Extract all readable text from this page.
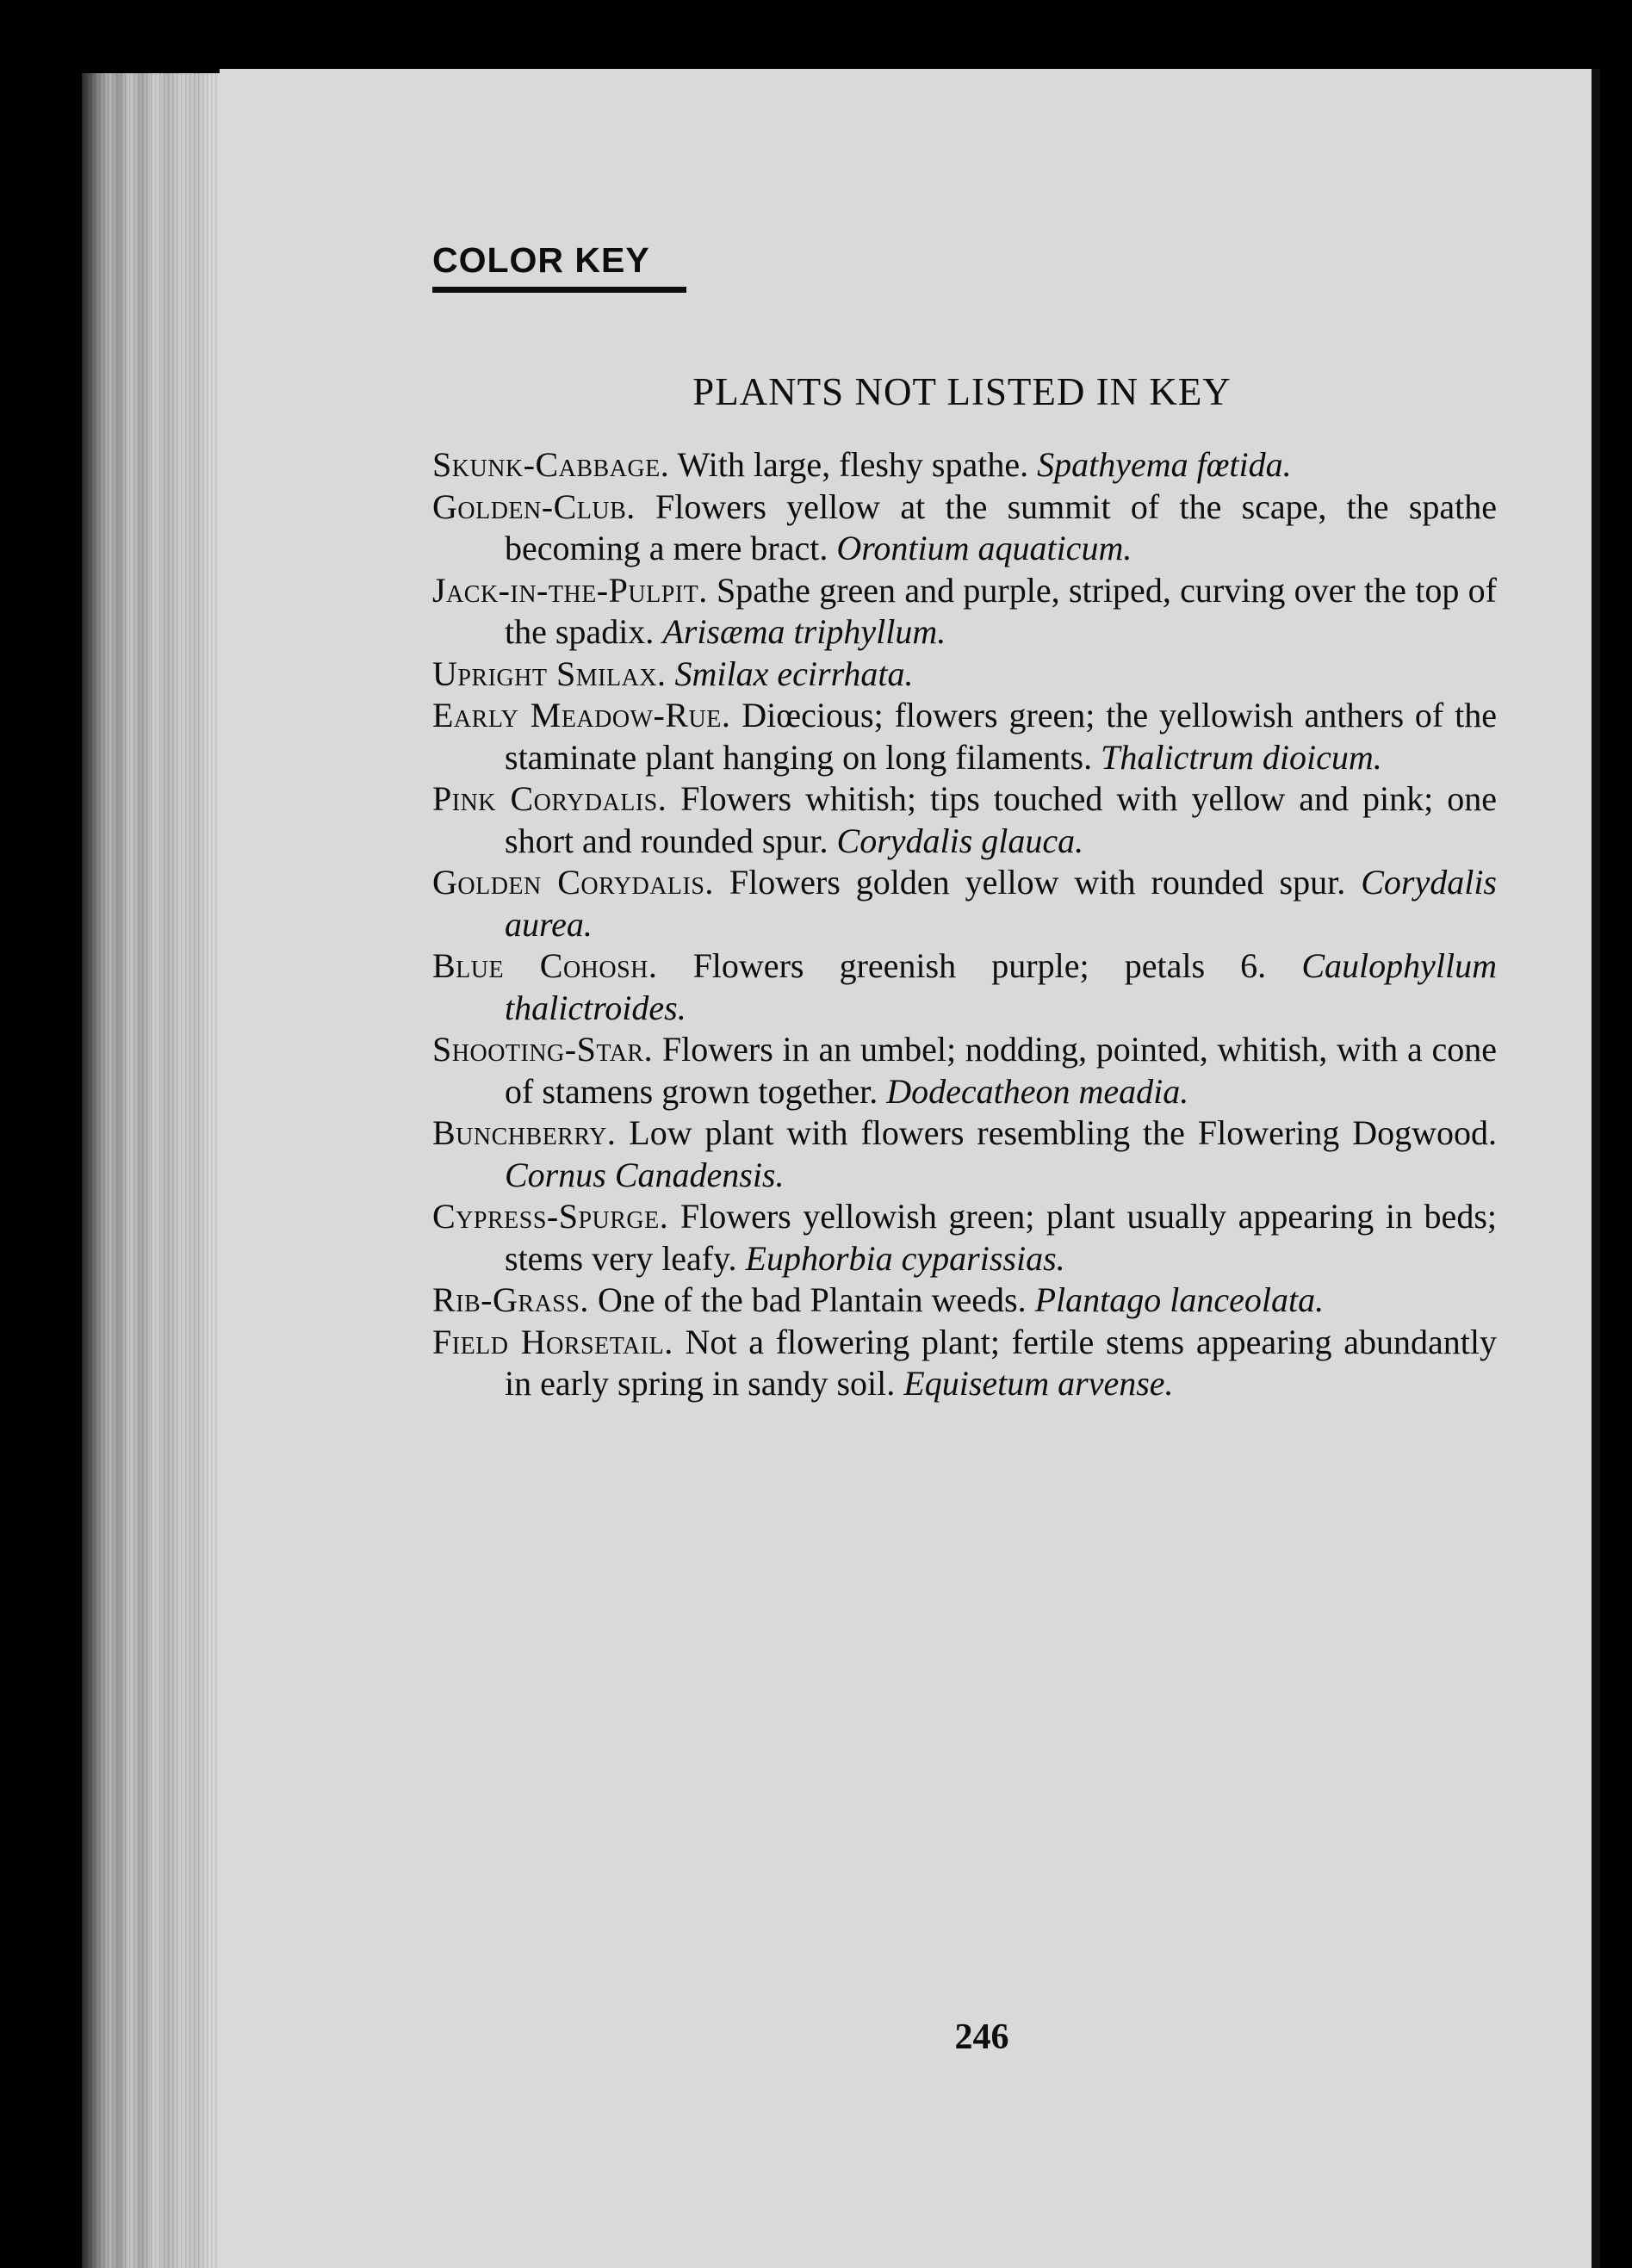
COLOR KEY
PLANTS NOT LISTED IN KEY

Skunk-Cabbage. With large, fleshy spathe. Spathyema fœtida.

Golden-Club. Flowers yellow at the summit of the scape, the spathe becoming a mere bract. Orontium aquaticum.

Jack-in-the-Pulpit. Spathe green and purple, striped, curving over the top of the spadix. Arisæma triphyllum.

Upright Smilax. Smilax ecirrhata.

Early Meadow-Rue. Diœcious; flowers green; the yellowish anthers of the staminate plant hanging on long filaments. Thalictrum dioicum.

Pink Corydalis. Flowers whitish; tips touched with yellow and pink; one short and rounded spur. Corydalis glauca.

Golden Corydalis. Flowers golden yellow with rounded spur. Corydalis aurea.

Blue Cohosh. Flowers greenish purple; petals 6. Caulophyllum thalictroides.

Shooting-Star. Flowers in an umbel; nodding, pointed, whitish, with a cone of stamens grown together. Dodecatheon meadia.

Bunchberry. Low plant with flowers resembling the Flowering Dogwood. Cornus Canadensis.

Cypress-Spurge. Flowers yellowish green; plant usually appearing in beds; stems very leafy. Euphorbia cyparissias.

Rib-Grass. One of the bad Plantain weeds. Plantago lanceolata.

Field Horsetail. Not a flowering plant; fertile stems appearing abundantly in early spring in sandy soil. Equisetum arvense.

246
